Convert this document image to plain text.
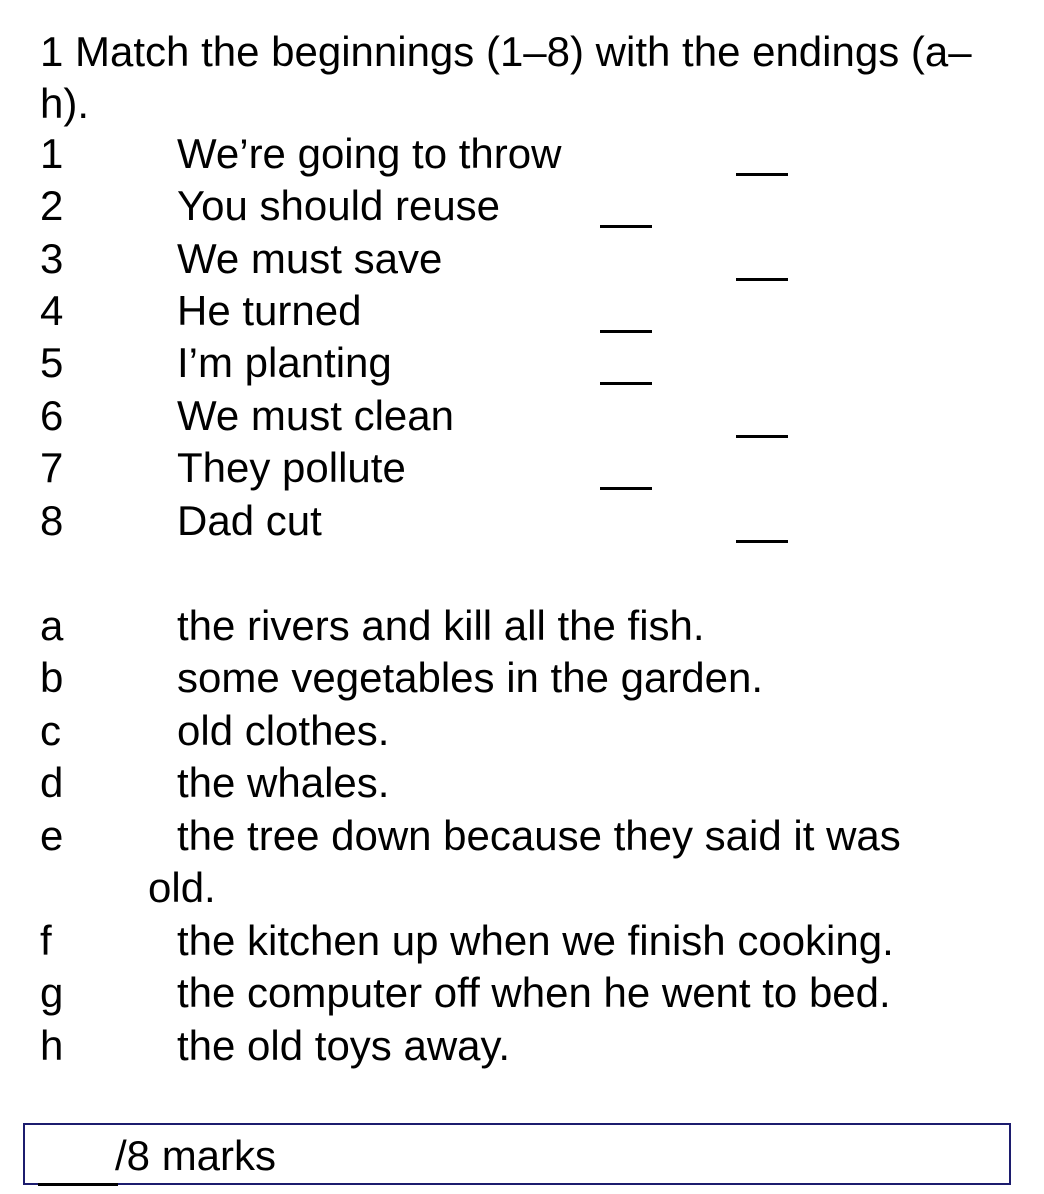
1 Match the beginnings (1–8) with the endings (a–h).
1	We’re going to throw
2	You should reuse
3	We must save
4	He turned
5	I’m planting
6	We must clean
7	They pollute
8	Dad cut
a	the rivers and kill all the fish.
b	some vegetables in the garden.
c	old clothes.
d	the whales.
e	the tree down because they said it was
old.
f	the kitchen up when we finish cooking.
g	the computer off when he went to bed.
h	the old toys away.
/8 marks
